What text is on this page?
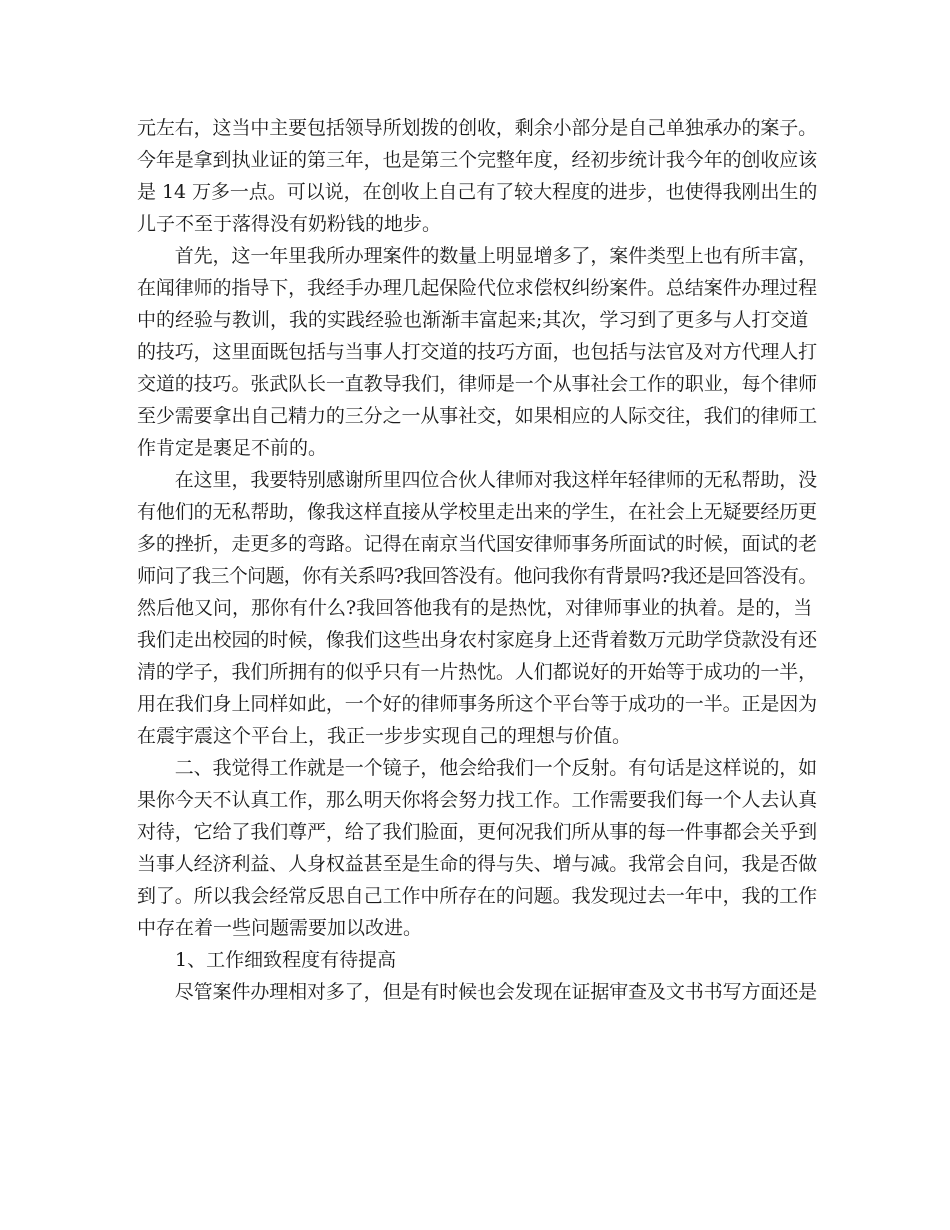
元左右，这当中主要包括领导所划拨的创收，剩余小部分是自己单独承办的案子。
今年是拿到执业证的第三年，也是第三个完整年度，经初步统计我今年的创收应该
是 14 万多一点。可以说，在创收上自己有了较大程度的进步，也使得我刚出生的
儿子不至于落得没有奶粉钱的地步。
　　首先，这一年里我所办理案件的数量上明显增多了，案件类型上也有所丰富，
在闻律师的指导下，我经手办理几起保险代位求偿权纠纷案件。总结案件办理过程
中的经验与教训，我的实践经验也渐渐丰富起来;其次，学习到了更多与人打交道
的技巧，这里面既包括与当事人打交道的技巧方面，也包括与法官及对方代理人打
交道的技巧。张武队长一直教导我们，律师是一个从事社会工作的职业，每个律师
至少需要拿出自己精力的三分之一从事社交，如果相应的人际交往，我们的律师工
作肯定是裹足不前的。
　　在这里，我要特别感谢所里四位合伙人律师对我这样年轻律师的无私帮助，没
有他们的无私帮助，像我这样直接从学校里走出来的学生，在社会上无疑要经历更
多的挫折，走更多的弯路。记得在南京当代国安律师事务所面试的时候，面试的老
师问了我三个问题，你有关系吗?我回答没有。他问我你有背景吗?我还是回答没有。
然后他又问，那你有什么?我回答他我有的是热忱，对律师事业的执着。是的，当
我们走出校园的时候，像我们这些出身农村家庭身上还背着数万元助学贷款没有还
清的学子，我们所拥有的似乎只有一片热忱。人们都说好的开始等于成功的一半，
用在我们身上同样如此，一个好的律师事务所这个平台等于成功的一半。正是因为
在震宇震这个平台上，我正一步步实现自己的理想与价值。
　　二、我觉得工作就是一个镜子，他会给我们一个反射。有句话是这样说的，如
果你今天不认真工作，那么明天你将会努力找工作。工作需要我们每一个人去认真
对待，它给了我们尊严，给了我们脸面，更何况我们所从事的每一件事都会关乎到
当事人经济利益、人身权益甚至是生命的得与失、增与减。我常会自问，我是否做
到了。所以我会经常反思自己工作中所存在的问题。我发现过去一年中，我的工作
中存在着一些问题需要加以改进。
　　1、工作细致程度有待提高
　　尽管案件办理相对多了，但是有时候也会发现在证据审查及文书书写方面还是
